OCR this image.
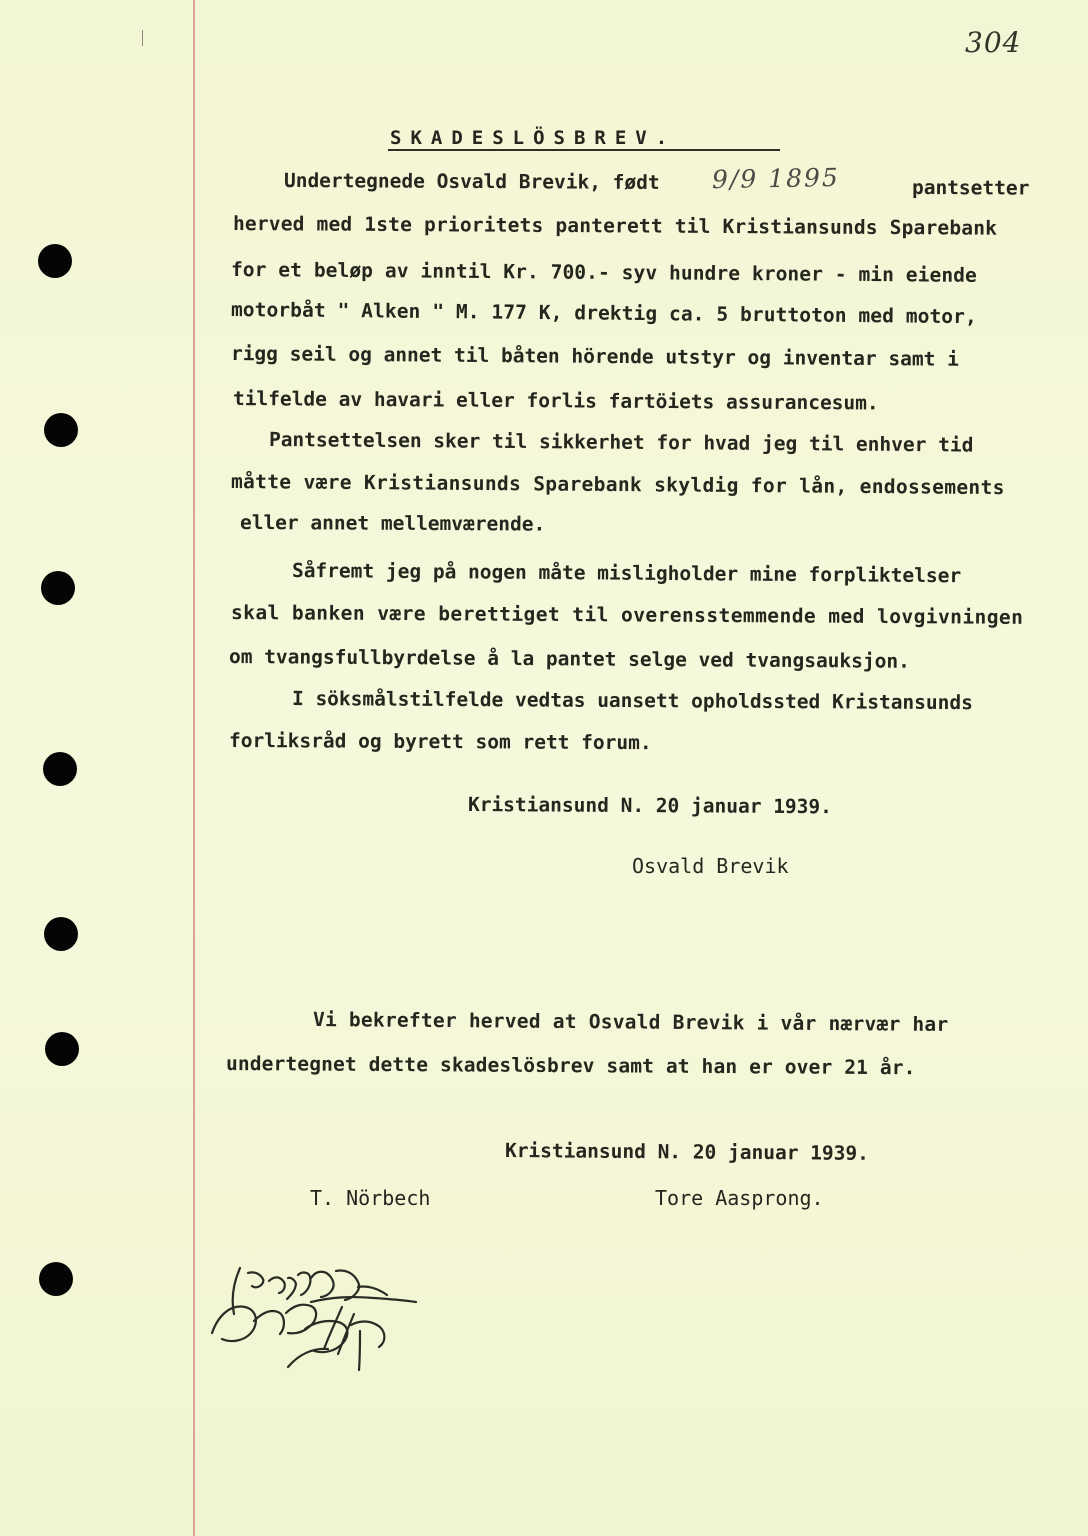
304
SKADESLÖSBREV.
Undertegnede Osvald Brevik, født 9/9 1895	pantsetter
herved med 1ste prioritets panterett til Kristiansunds Sparebank
for et beløp av inntil Kr. 700.- syv hundre kroner - min eiende
motorbåt " Alken " M. 177 K, drektig ca. 5 bruttoton med motor,
rigg seil og annet til båten hörende utstyr og inventar samt i
tilfelde av havari eller forlis fartöiets assurancesum.
Pantsettelsen sker til sikkerhet for hvad jeg til enhver tid
måtte være Kristiansunds Sparebank skyldig for lån, endossements
eller annet mellemværende.
Såfremt jeg på nogen måte misligholder mine forpliktelser
skal banken være berettiget til overensstemmende med lovgivningen
om tvangsfullbyrdelse å la pantet selge ved tvangsauksjon.
I söksmålstilfelde vedtas uansett opholdssted Kristansunds
forliksråd og byrett som rett forum.
Kristiansund N. 20 januar 1939.
Osvald Brevik
Vi bekrefter herved at Osvald Brevik i vår nærvær har
undertegnet dette skadeslösbrev samt at han er over 21 år.
Kristiansund N. 20 januar 1939.
T. Nörbech	Tore Aasprong.
